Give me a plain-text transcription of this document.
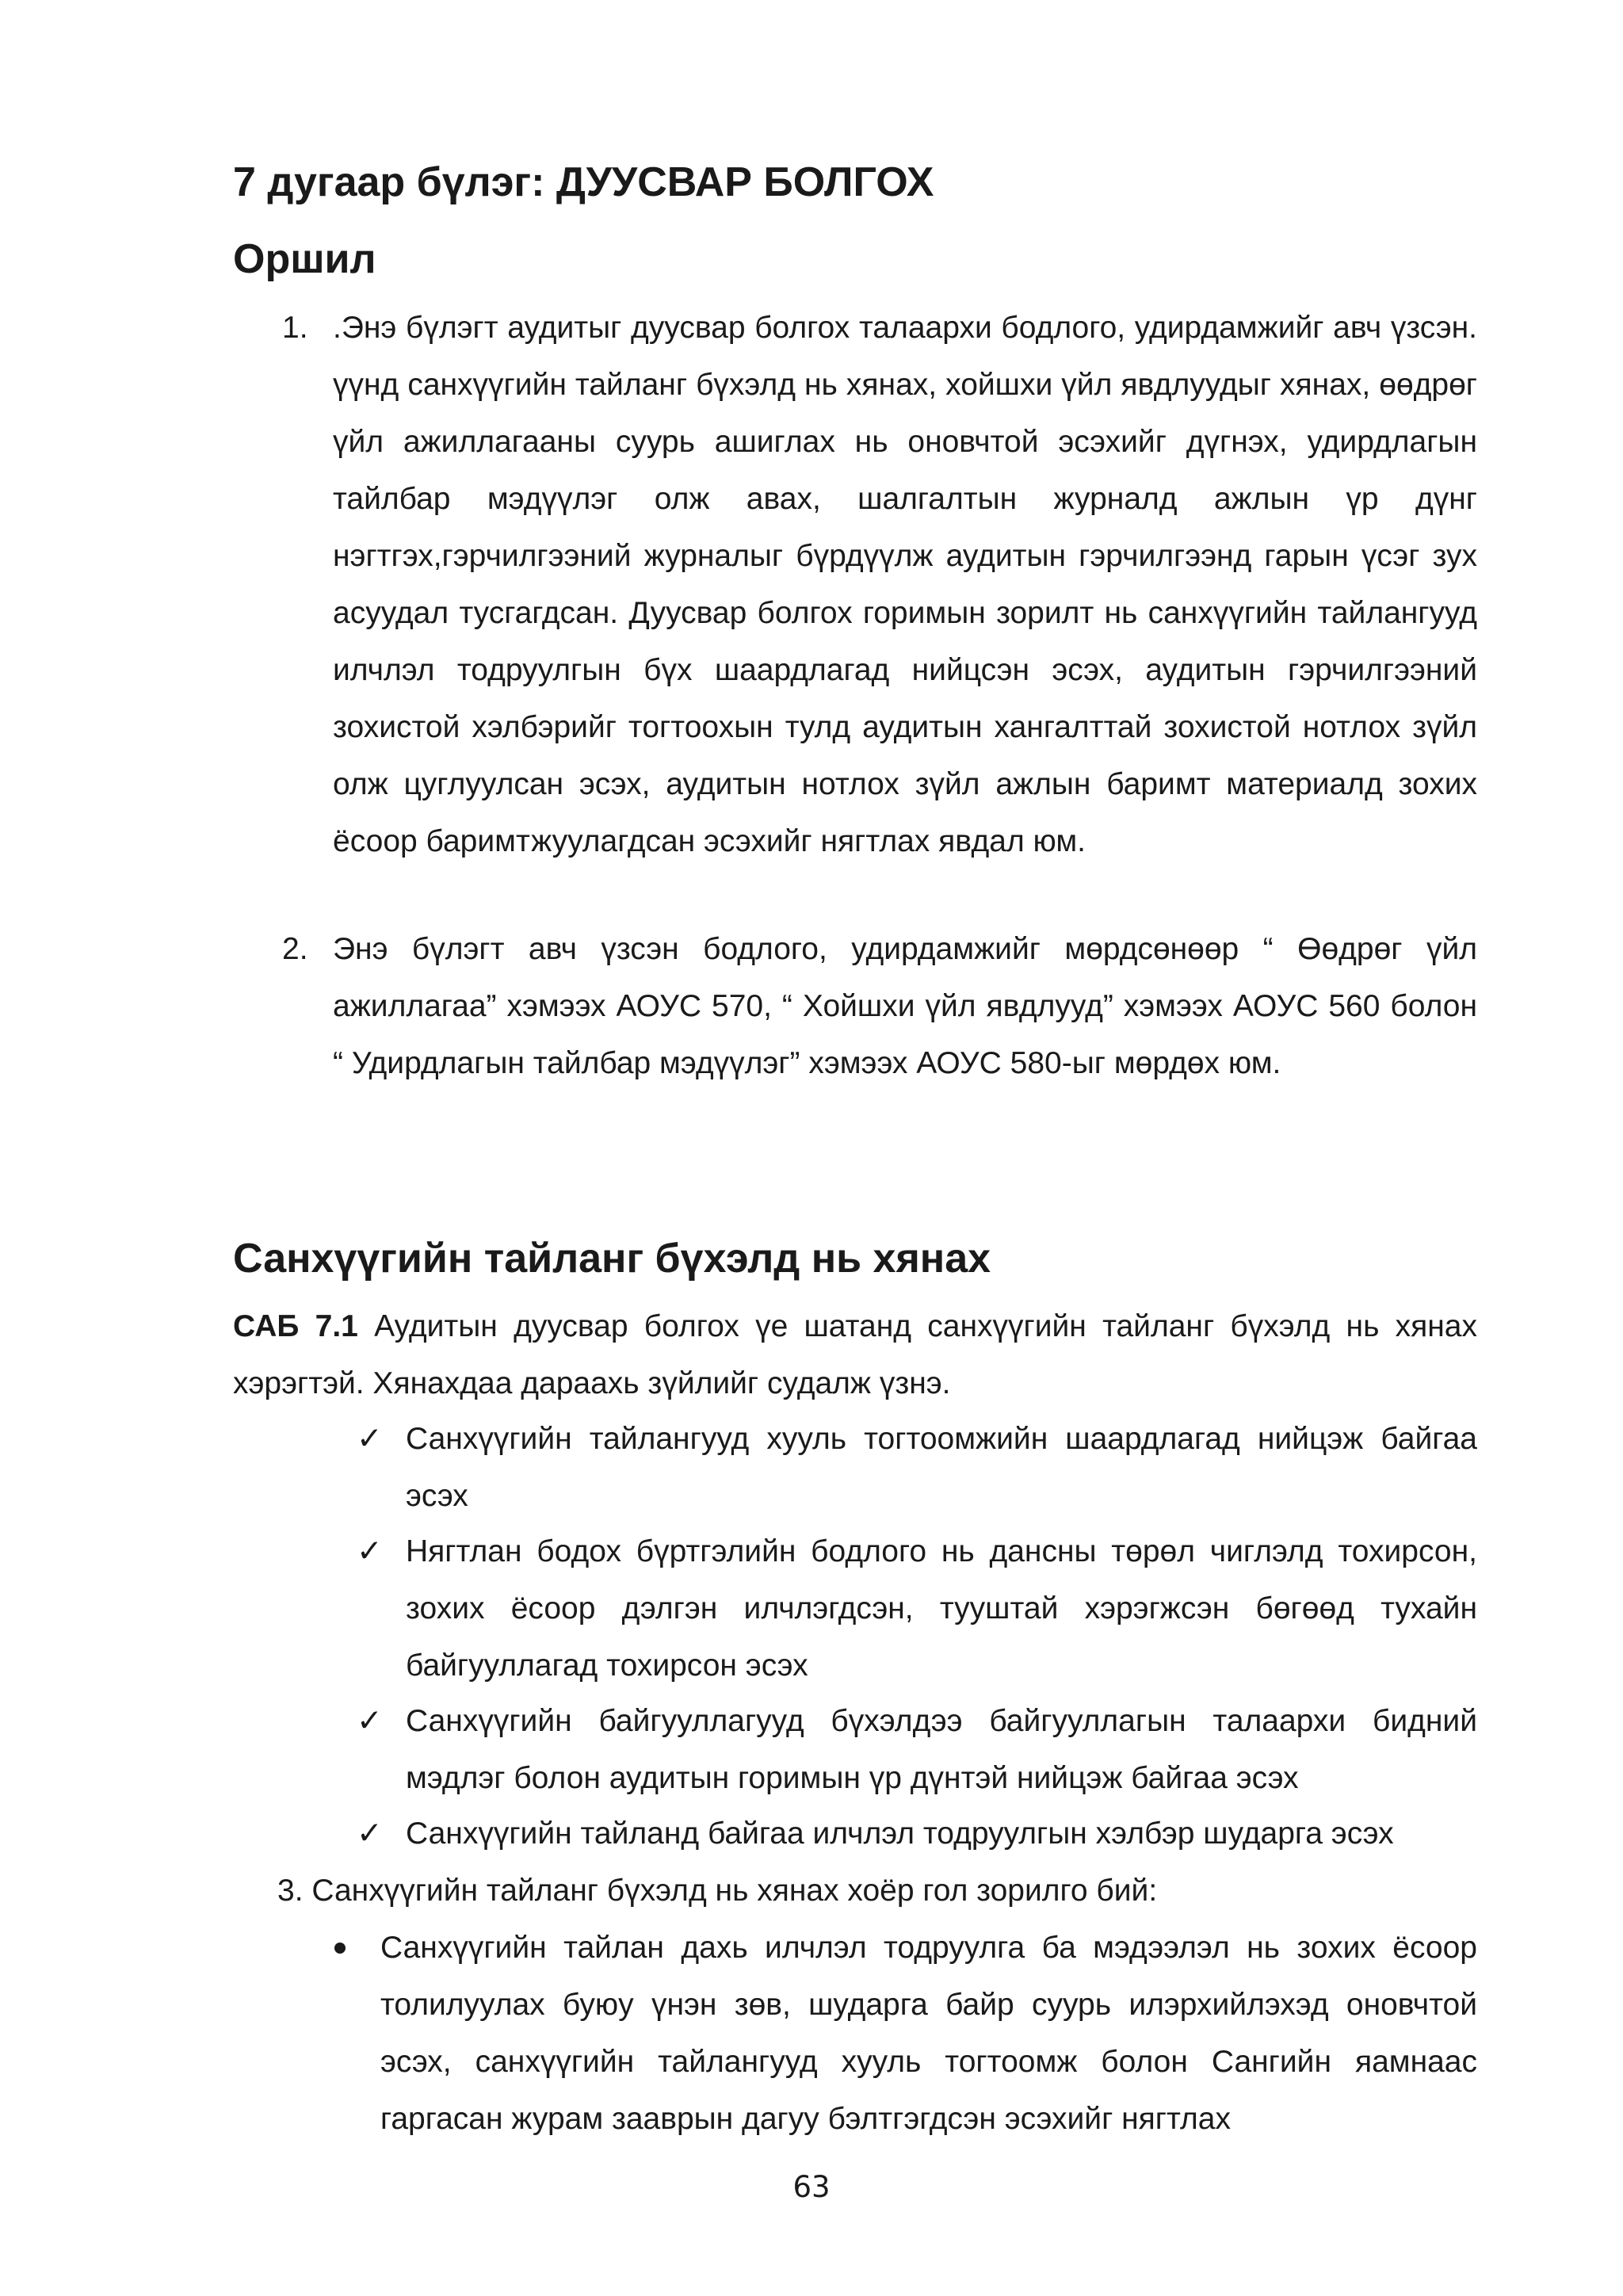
7 дугаар бүлэг: ДУУСВАР БОЛГОХ
Оршил
1. .Энэ бүлэгт аудитыг дуусвар болгох талаархи бодлого, удирдамжийг авч үзсэн. үүнд санхүүгийн тайланг бүхэлд нь хянах, хойшхи үйл явдлуудыг хянах, өөдрөг үйл ажиллагааны суурь ашиглах нь оновчтой эсэхийг дүгнэх, удирдлагын тайлбар мэдүүлэг олж авах, шалгалтын журналд ажлын үр дүнг нэгтгэх,гэрчилгээний журналыг бүрдүүлж аудитын гэрчилгээнд гарын үсэг зух асуудал тусгагдсан. Дуусвар болгох горимын зорилт нь санхүүгийн тайлангууд илчлэл тодруулгын бүх шаардлагад нийцсэн эсэх, аудитын гэрчилгээний зохистой хэлбэрийг тогтоохын тулд аудитын хангалттай зохистой нотлох зүйл олж цуглуулсан эсэх, аудитын нотлох зүйл ажлын баримт материалд зохих ёсоор баримтжуулагдсан эсэхийг нягтлах явдал юм.
2. Энэ бүлэгт авч үзсэн бодлого, удирдамжийг мөрдсөнөөр “ Өөдрөг үйл ажиллагаа” хэмээх АОУС 570, “ Хойшхи үйл явдлууд” хэмээх АОУС 560 болон “ Удирдлагын тайлбар мэдүүлэг” хэмээх АОУС 580-ыг мөрдөх юм.
Санхүүгийн тайланг бүхэлд нь хянах
САБ 7.1 Аудитын дуусвар болгох үе шатанд санхүүгийн тайланг бүхэлд нь хянах хэрэгтэй. Хянахдаа дараахь зүйлийг судалж үзнэ.
✓ Санхүүгийн тайлангууд хууль тогтоомжийн шаардлагад нийцэж байгаа эсэх
✓ Нягтлан бодох бүртгэлийн бодлого нь дансны төрөл чиглэлд тохирсон, зохих ёсоор дэлгэн илчлэгдсэн, тууштай хэрэгжсэн бөгөөд тухайн байгууллагад тохирсон эсэх
✓ Санхүүгийн байгууллагууд бүхэлдээ байгууллагын талаархи бидний мэдлэг болон аудитын горимын үр дүнтэй нийцэж байгаа эсэх
✓ Санхүүгийн тайланд байгаа илчлэл тодруулгын хэлбэр шударга эсэх
3. Санхүүгийн тайланг бүхэлд нь хянах хоёр гол зорилго бий:
Санхүүгийн тайлан дахь илчлэл тодруулга ба мэдээлэл нь зохих ёсоор толилуулах буюу үнэн зөв, шударга байр суурь илэрхийлэхэд оновчтой эсэх, санхүүгийн тайлангууд хууль тогтоомж болон Сангийн яамнаас гаргасан журам зааврын дагуу бэлтгэгдсэн эсэхийг нягтлах
63
